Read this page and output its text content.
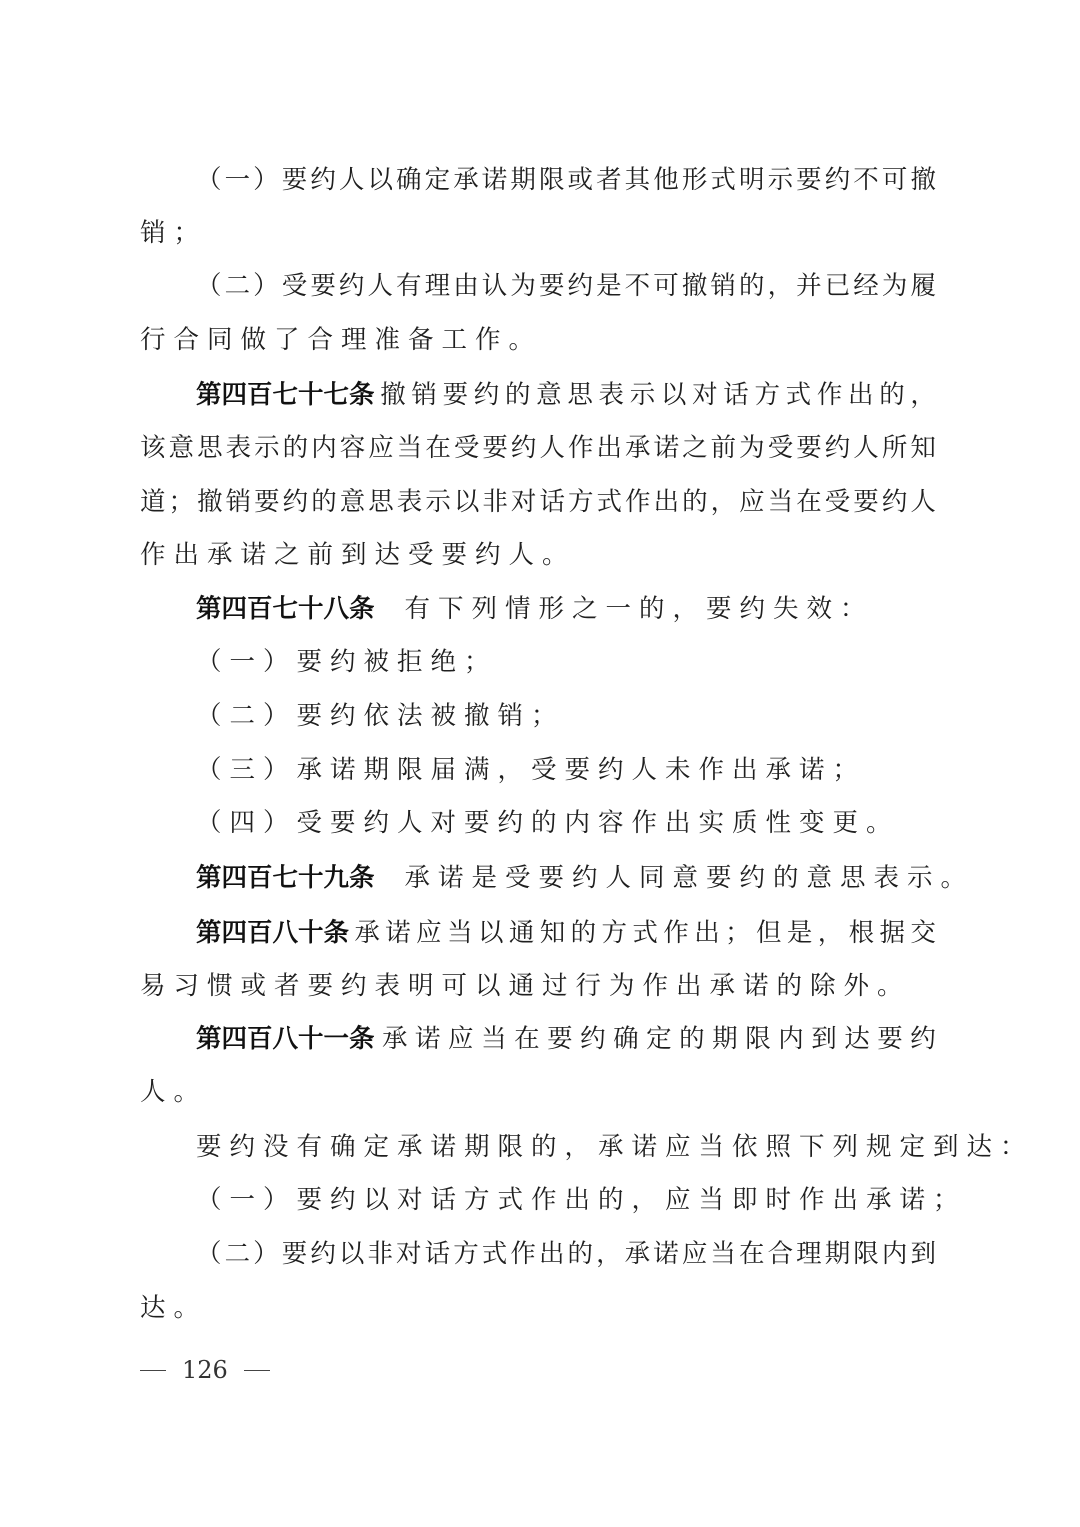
（ 一 ） 要 约 人 以 确 定 承 诺 期 限 或 者 其 他 形 式 明 示 要 约 不 可 撤
销；
（ 二 ） 受 要 约 人 有 理 由 认 为 要 约 是 不 可 撤 销 的 ， 并 已 经 为 履
行合同做了合理准备工作。
第四百七十七条 撤 销 要 约 的 意 思 表 示 以 对 话 方 式 作 出 的 ，
该 意 思 表 示 的 内 容 应 当 在 受 要 约 人 作 出 承 诺 之 前 为 受 要 约 人 所 知
道 ； 撤 销 要 约 的 意 思 表 示 以 非 对 话 方 式 作 出 的 ， 应 当 在 受 要 约 人
作出承诺之前到达受要约人。
第四百七十八条 有下列情形之一的，要约失效：
（一）要约被拒绝；
（二）要约依法被撤销；
（三）承诺期限届满，受要约人未作出承诺；
（四）受要约人对要约的内容作出实质性变更。
第四百七十九条 承诺是受要约人同意要约的意思表示。
第四百八十条 承 诺 应 当 以 通 知 的 方 式 作 出 ； 但 是 ， 根 据 交
易习惯或者要约表明可以通过行为作出承诺的除外。
第四百八十一条 承 诺 应 当 在 要 约 确 定 的 期 限 内 到 达 要 约
人。
要约没有确定承诺期限的，承诺应当依照下列规定到达：
（一）要约以对话方式作出的，应当即时作出承诺；
（ 二 ） 要 约 以 非 对 话 方 式 作 出 的 ， 承 诺 应 当 在 合 理 期 限 内 到
达。
126
